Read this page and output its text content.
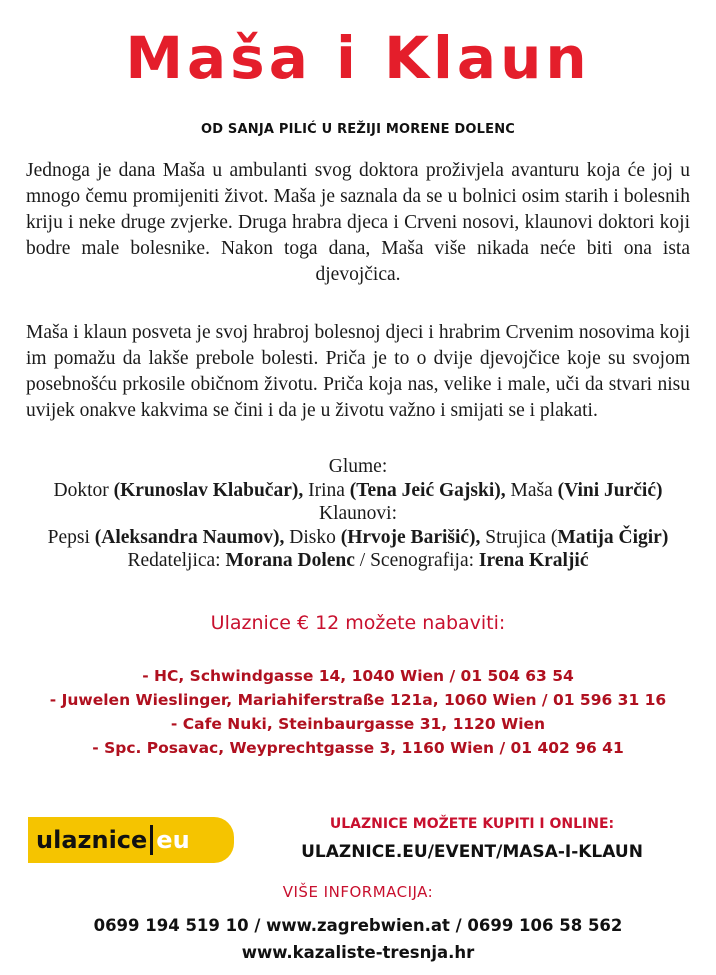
Maša i Klaun
OD SANJA PILIĆ U REŽIJI MORENE DOLENC

Jednoga je dana Maša u ambulanti svog doktora proživjela avanturu koja će joj u mnogo čemu promijeniti život. Maša je saznala da se u bolnici osim starih i bolesnih kriju i neke druge zvjerke. Druga hrabra djeca i Crveni nosovi, klaunovi doktori koji bodre male bolesnike. Nakon toga dana, Maša više nikada neće biti ona ista djevojčica.

Maša i klaun posveta je svoj hrabroj bolesnoj djeci i hrabrim Crvenim nosovima koji im pomažu da lakše prebole bolesti. Priča je to o dvije djevojčice koje su svojom posebnošću prkosile običnom životu. Priča koja nas, velike i male, uči da stvari nisu uvijek onakve kakvima se čini i da je u životu važno i smijati se i plakati.

Glume:
Doktor (Krunoslav Klabučar), Irina (Tena Jeić Gajski), Maša (Vini Jurčić)
Klaunovi:
Pepsi (Aleksandra Naumov), Disko (Hrvoje Barišić), Strujica (Matija Čigir)
Redateljica: Morana Dolenc / Scenografija: Irena Kraljić
Ulaznice € 12 možete nabaviti:
- HC, Schwindgasse 14, 1040 Wien / 01 504 63 54
- Juwelen Wieslinger, Mariahiferstraße 121a, 1060 Wien / 01 596 31 16
- Cafe Nuki, Steinbaurgasse 31, 1120 Wien
- Spc. Posavac, Weyprechtgasse 3, 1160 Wien / 01 402 96 41
ulaznice eu
ULAZNICE MOŽETE KUPITI I ONLINE:
ULAZNICE.EU/EVENT/MASA-I-KLAUN
VIŠE INFORMACIJA:
0699 194 519 10 / www.zagrebwien.at / 0699 106 58 562
www.kazaliste-tresnja.hr
